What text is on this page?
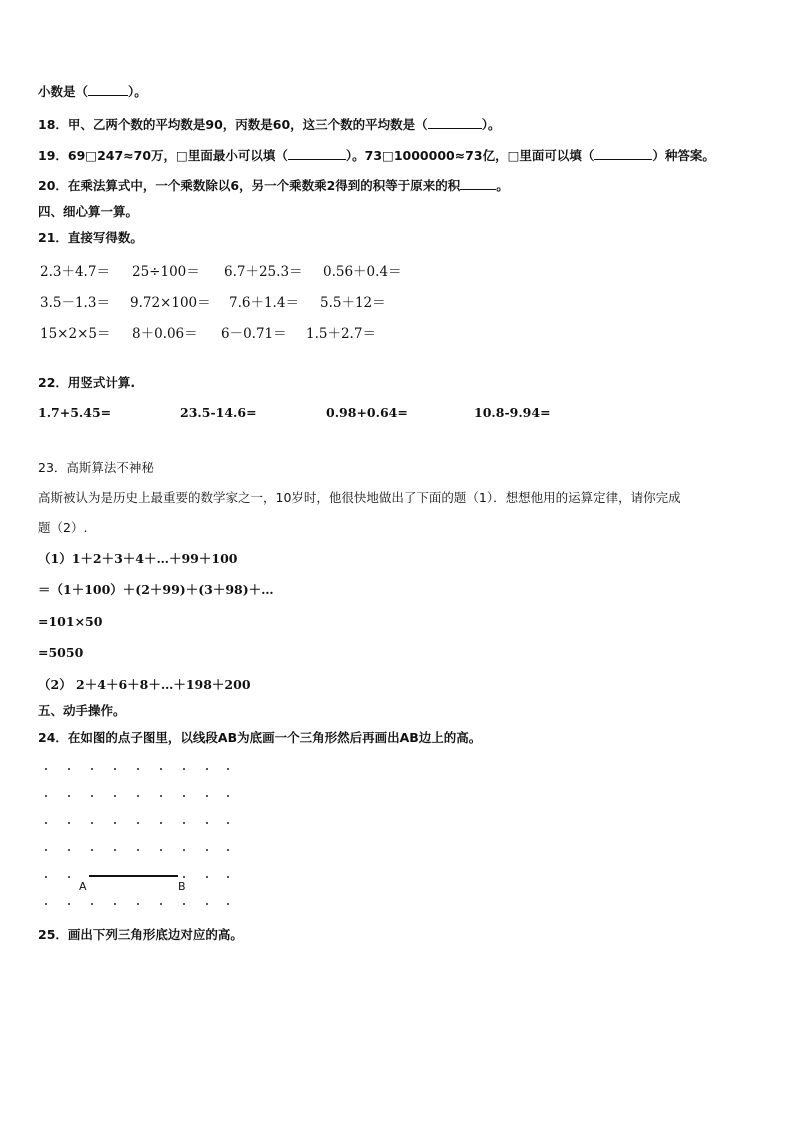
小数是（	）。
18．甲、乙两个数的平均数是90，丙数是60，这三个数的平均数是（	）。
19．69□247≈70万，□里面最小可以填（	）。73□1000000≈73亿，□里面可以填（	）种答案。
20．在乘法算式中，一个乘数除以6，另一个乘数乘2得到的积等于原来的积	。
四、细心算一算。
21．直接写得数。
2.3＋4.7＝ 25÷100＝ 6.7＋25.3＝ 0.56＋0.4＝
3.5－1.3＝ 9.72×100＝ 7.6＋1.4＝ 5.5＋12＝
15×2×5＝ 8＋0.06＝ 6－0.71＝ 1.5＋2.7＝
22．用竖式计算.
1.7+5.45=	23.5-14.6=	0.98+0.64=	10.8-9.94=
23．高斯算法不神秘
高斯被认为是历史上最重要的数学家之一，10岁时，他很快地做出了下面的题（1）．想想他用的运算定律，请你完成
题（2）.
（1）1＋2＋3＋4＋…＋99＋100
＝（1＋100）＋(2＋99)＋(3＋98)＋…
=101×50
=5050
（2） 2＋4＋6＋8＋…＋198＋200
五、动手操作。
24．在如图的点子图里，以线段AB为底画一个三角形然后再画出AB边上的高。
A	B
25．画出下列三角形底边对应的高。
